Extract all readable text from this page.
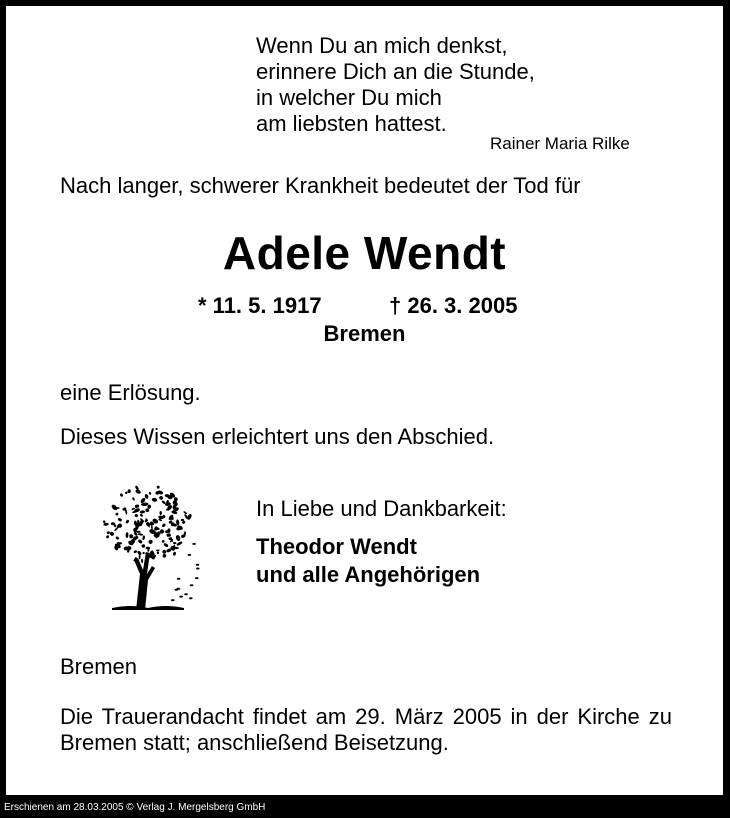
Wenn Du an mich denkst,
erinnere Dich an die Stunde,
in welcher Du mich
am liebsten hattest.
Rainer Maria Rilke
Nach langer, schwerer Krankheit bedeutet der Tod für
Adele Wendt
* 11. 5. 1917	† 26. 3. 2005
Bremen
eine Erlösung.
Dieses Wissen erleichtert uns den Abschied.
In Liebe und Dankbarkeit:
Theodor Wendt
und alle Angehörigen
Bremen
Die Trauerandacht findet am 29. März 2005 in der Kirche zu Bremen statt; anschließend Beisetzung.
Erschienen am 28.03.2005 © Verlag J. Mergelsberg GmbH
